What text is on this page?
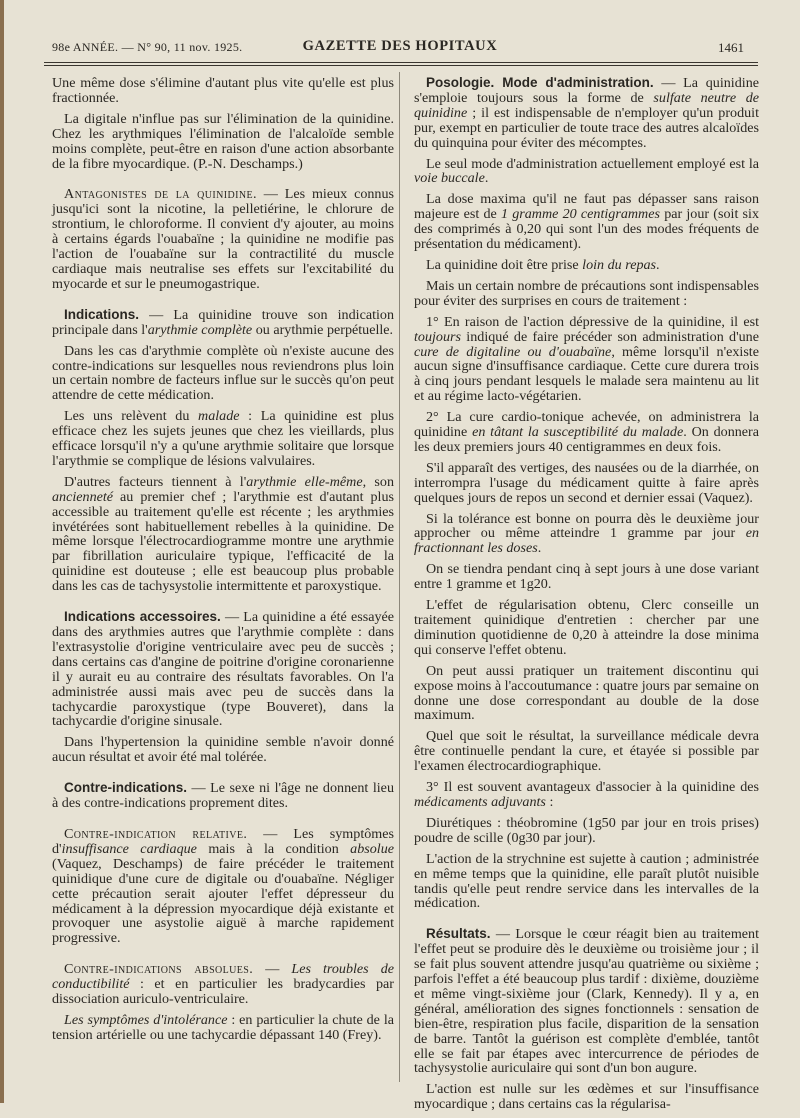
98e ANNÉE. — N° 90, 11 nov. 1925.	GAZETTE DES HOPITAUX	1461

Une même dose s'élimine d'autant plus vite qu'elle est plus fractionnée.

La digitale n'influe pas sur l'élimination de la quinidine. Chez les arythmiques l'élimination de l'alcaloïde semble moins complète, peut-être en raison d'une action absorbante de la fibre myocardique. (P.-N. Deschamps.)

Antagonistes de la quinidine. — Les mieux connus jusqu'ici sont la nicotine, la pelletiérine, le chlorure de strontium, le chloroforme. Il convient d'y ajouter, au moins à certains égards l'ouabaïne ; la quinidine ne modifie pas l'action de l'ouabaïne sur la contractilité du muscle cardiaque mais neutralise ses effets sur l'excitabilité du myocarde et sur le pneumogastrique.

Indications. — La quinidine trouve son indication principale dans l'arythmie complète ou arythmie perpétuelle.

Dans les cas d'arythmie complète où n'existe aucune des contre-indications sur lesquelles nous reviendrons plus loin un certain nombre de facteurs influe sur le succès qu'on peut attendre de cette médication.

Les uns relèvent du malade : La quinidine est plus efficace chez les sujets jeunes que chez les vieillards, plus efficace lorsqu'il n'y a qu'une arythmie solitaire que lorsque l'arythmie se complique de lésions valvulaires.

D'autres facteurs tiennent à l'arythmie elle-même, son ancienneté au premier chef ; l'arythmie est d'autant plus accessible au traitement qu'elle est récente ; les arythmies invétérées sont habituellement rebelles à la quinidine. De même lorsque l'électrocardiogramme montre une arythmie par fibrillation auriculaire typique, l'efficacité de la quinidine est douteuse ; elle est beaucoup plus probable dans les cas de tachysystolie intermittente et paroxystique.

Indications accessoires. — La quinidine a été essayée dans des arythmies autres que l'arythmie complète : dans l'extrasystolie d'origine ventriculaire avec peu de succès ; dans certains cas d'angine de poitrine d'origine coronarienne il y aurait eu au contraire des résultats favorables. On l'a administrée aussi mais avec peu de succès dans la tachycardie paroxystique (type Bouveret), dans la tachycardie d'origine sinusale.

Dans l'hypertension la quinidine semble n'avoir donné aucun résultat et avoir été mal tolérée.

Contre-indications. — Le sexe ni l'âge ne donnent lieu à des contre-indications proprement dites.

Contre-indication relative. — Les symptômes d'insuffisance cardiaque mais à la condition absolue (Vaquez, Deschamps) de faire précéder le traitement quinidique d'une cure de digitale ou d'ouabaïne. Négliger cette précaution serait ajouter l'effet dépresseur du médicament à la dépression myocardique déjà existante et provoquer une asystolie aiguë à marche rapidement progressive.

Contre-indications absolues. — Les troubles de conductibilité : et en particulier les bradycardies par dissociation auriculo-ventriculaire.

Les symptômes d'intolérance : en particulier la chute de la tension artérielle ou une tachycardie dépassant 140 (Frey).

Posologie. Mode d'administration. — La quinidine s'emploie toujours sous la forme de sulfate neutre de quinidine ; il est indispensable de n'employer qu'un produit pur, exempt en particulier de toute trace des autres alcaloïdes du quinquina pour éviter des mécomptes.

Le seul mode d'administration actuellement employé est la voie buccale.

La dose maxima qu'il ne faut pas dépasser sans raison majeure est de 1 gramme 20 centigrammes par jour (soit six des comprimés à 0,20 qui sont l'un des modes fréquents de présentation du médicament).

La quinidine doit être prise loin du repas.

Mais un certain nombre de précautions sont indispensables pour éviter des surprises en cours de traitement :

1° En raison de l'action dépressive de la quinidine, il est toujours indiqué de faire précéder son administration d'une cure de digitaline ou d'ouabaïne, même lorsqu'il n'existe aucun signe d'insuffisance cardiaque. Cette cure durera trois à cinq jours pendant lesquels le malade sera maintenu au lit et au régime lacto-végétarien.

2° La cure cardio-tonique achevée, on administrera la quinidine en tâtant la susceptibilité du malade. On donnera les deux premiers jours 40 centigrammes en deux fois.

S'il apparaît des vertiges, des nausées ou de la diarrhée, on interrompra l'usage du médicament quitte à faire après quelques jours de repos un second et dernier essai (Vaquez).

Si la tolérance est bonne on pourra dès le deuxième jour approcher ou même atteindre 1 gramme par jour en fractionnant les doses.

On se tiendra pendant cinq à sept jours à une dose variant entre 1 gramme et 1g20.

L'effet de régularisation obtenu, Clerc conseille un traitement quinidique d'entretien : chercher par une diminution quotidienne de 0,20 à atteindre la dose minima qui conserve l'effet obtenu.

On peut aussi pratiquer un traitement discontinu qui expose moins à l'accoutumance : quatre jours par semaine on donne une dose correspondant au double de la dose maximum.

Quel que soit le résultat, la surveillance médicale devra être continuelle pendant la cure, et étayée si possible par l'examen électrocardiographique.

3° Il est souvent avantageux d'associer à la quinidine des médicaments adjuvants :

Diurétiques : théobromine (1g50 par jour en trois prises) poudre de scille (0g30 par jour).

L'action de la strychnine est sujette à caution ; administrée en même temps que la quinidine, elle paraît plutôt nuisible tandis qu'elle peut rendre service dans les intervalles de la médication.

Résultats. — Lorsque le cœur réagit bien au traitement l'effet peut se produire dès le deuxième ou troisième jour ; il se fait plus souvent attendre jusqu'au quatrième ou sixième ; parfois l'effet a été beaucoup plus tardif : dixième, douzième et même vingt-sixième jour (Clark, Kennedy). Il y a, en général, amélioration des signes fonctionnels : sensation de bien-être, respiration plus facile, disparition de la sensation de barre. Tantôt la guérison est complète d'emblée, tantôt elle se fait par étapes avec intercurrence de périodes de tachysystolie auriculaire qui sont d'un bon augure.

L'action est nulle sur les œdèmes et sur l'insuffisance myocardique ; dans certains cas la régularisa-
